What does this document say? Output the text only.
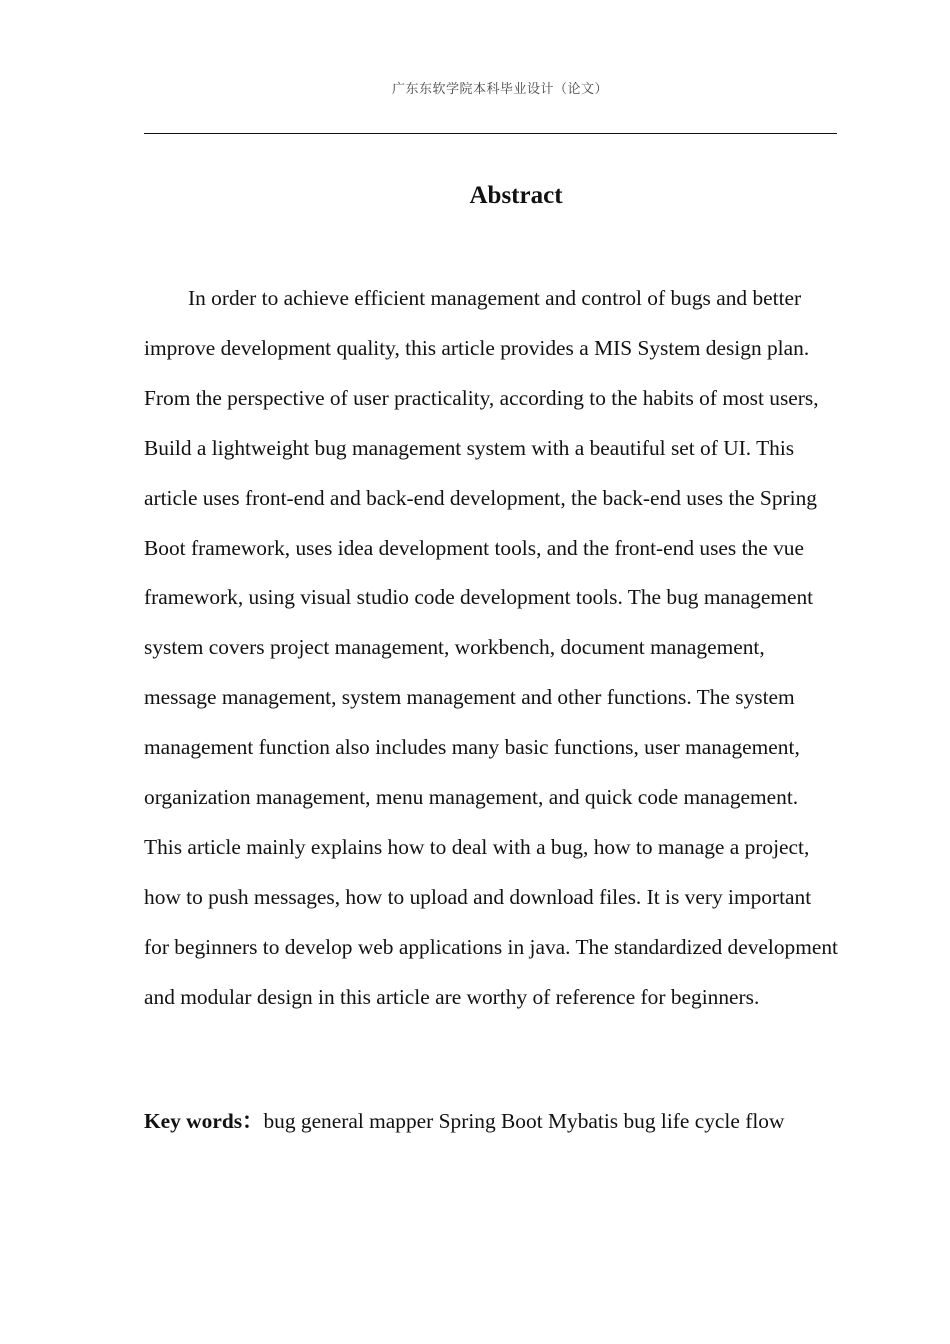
广东东软学院本科毕业设计（论文）
Abstract

In order to achieve efficient management and control of bugs and better improve development quality, this article provides a MIS System design plan. From the perspective of user practicality, according to the habits of most users, Build a lightweight bug management system with a beautiful set of UI. This article uses front-end and back-end development, the back-end uses the Spring Boot framework, uses idea development tools, and the front-end uses the vue framework, using visual studio code development tools. The bug management system covers project management, workbench, document management, message management, system management and other functions. The system management function also includes many basic functions, user management, organization management, menu management, and quick code management. This article mainly explains how to deal with a bug, how to manage a project, how to push messages, how to upload and download files. It is very important for beginners to develop web applications in java. The standardized development and modular design in this article are worthy of reference for beginners.

Key words：bug general mapper Spring Boot Mybatis bug life cycle flow
